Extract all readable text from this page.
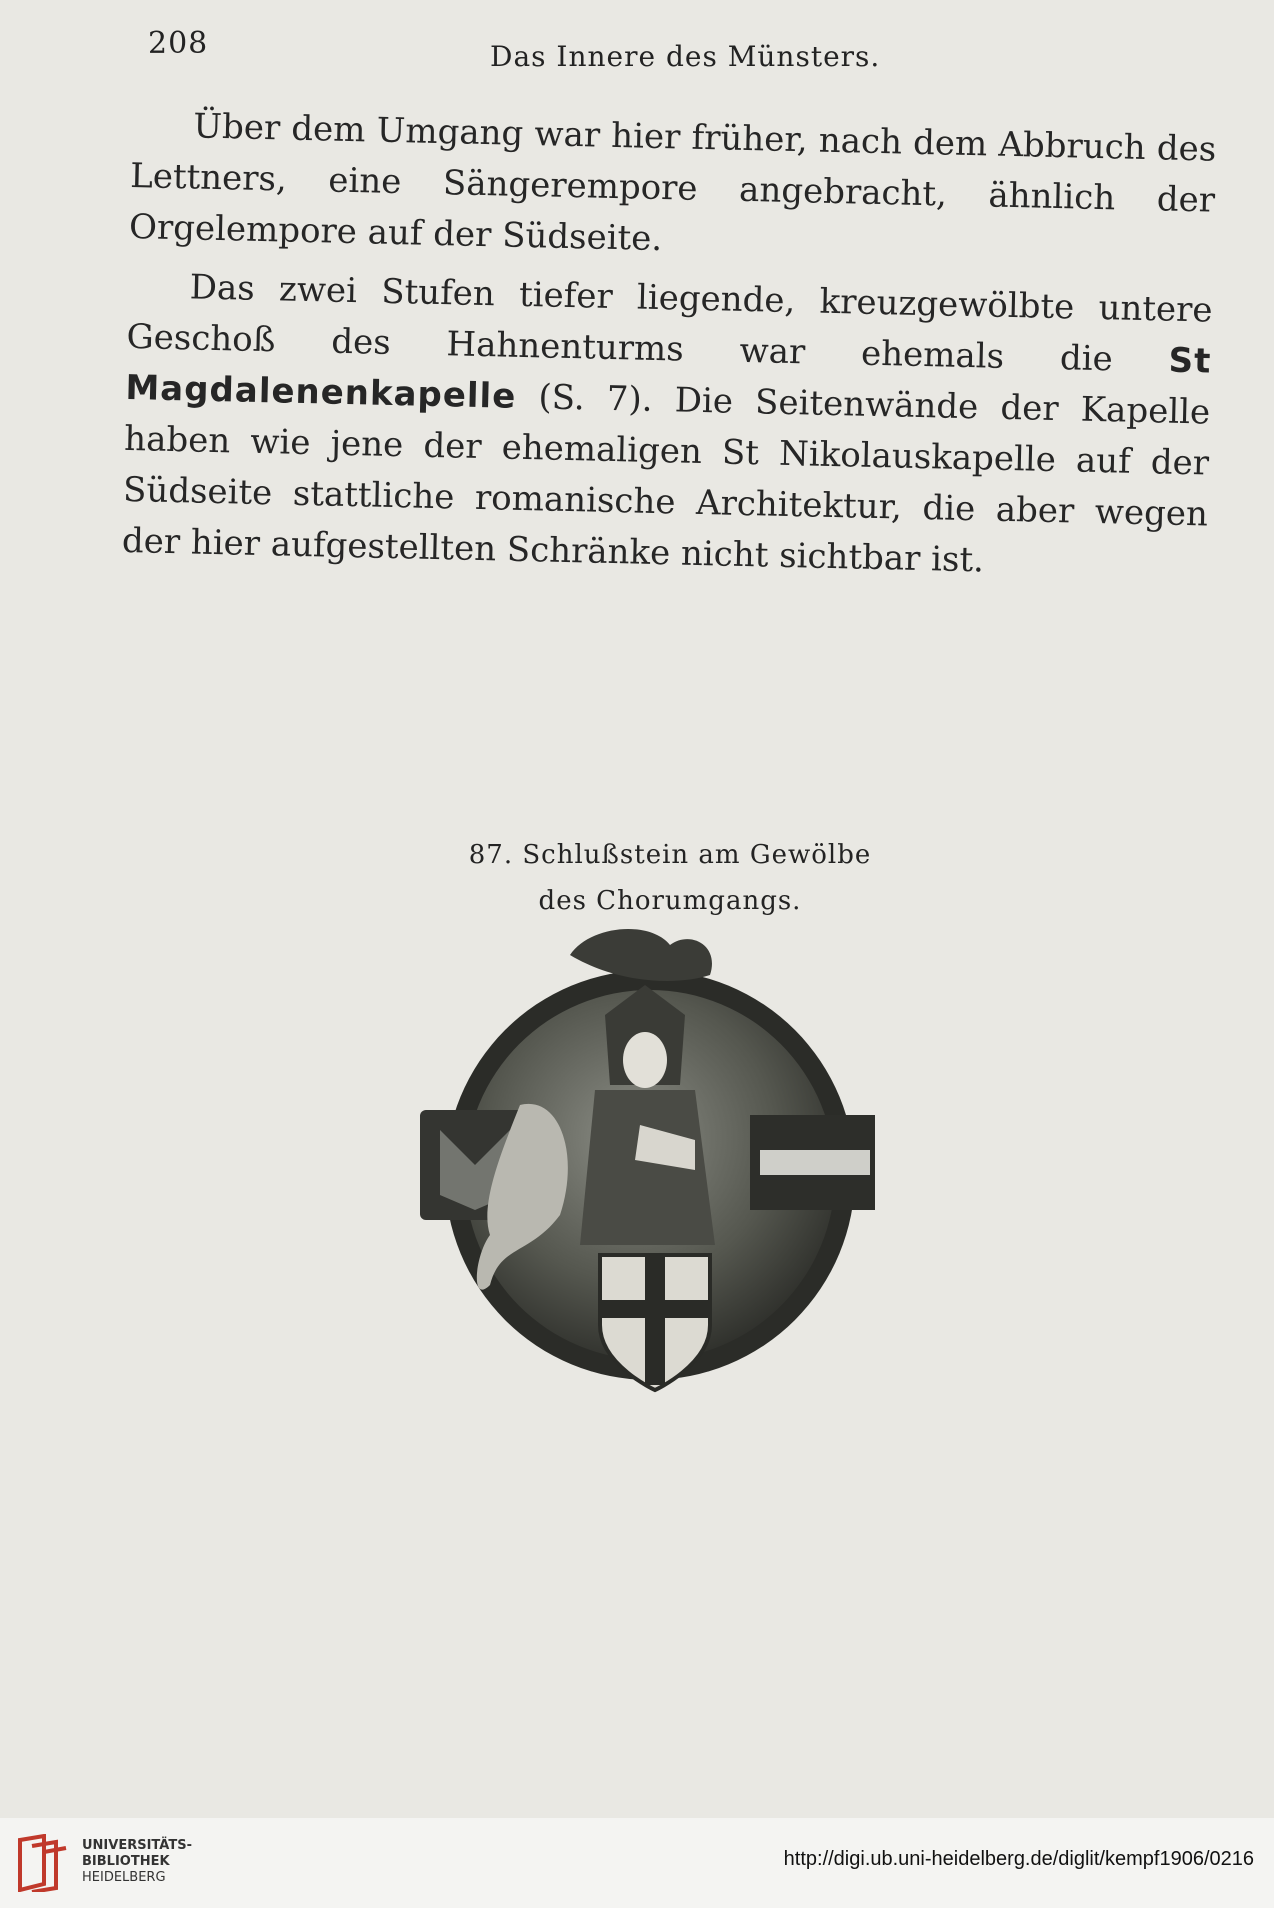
208	Das Innere des Münsters.

Über dem Umgang war hier früher, nach dem Abbruch des Lettners, eine Sängerempore angebracht, ähnlich der Orgelempore auf der Südseite.

Das zwei Stufen tiefer liegende, kreuzgewölbte untere Geschoß des Hahnenturms war ehemals die St Magdalenenkapelle (S. 7). Die Seitenwände der Kapelle haben wie jene der ehemaligen St Nikolauskapelle auf der Südseite stattliche romanische Architektur, die aber wegen der hier aufgestellten Schränke nicht sichtbar ist.

87. Schlußstein am Gewölbe
des Chorumgangs.
UNIVERSITÄTS-
BIBLIOTHEK
HEIDELBERG
http://digi.ub.uni-heidelberg.de/diglit/kempf1906/0216
